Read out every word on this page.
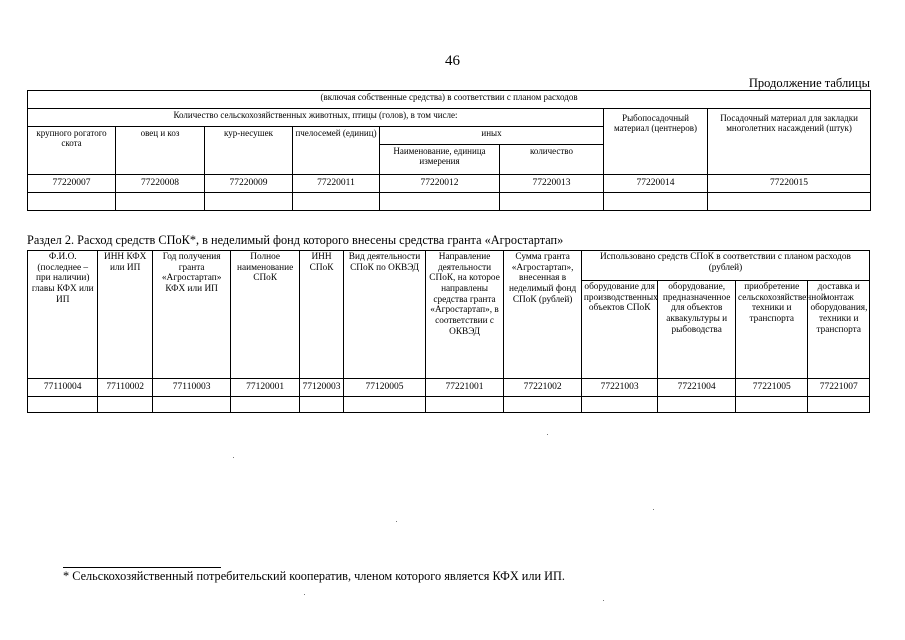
46
Продолжение таблицы
(включая собственные средства) в соответствии с планом расходов							
Количество сельскохозяйственных животных, птицы (голов), в том числе:						Рыбопосадочный материал (центнеров)	Посадочный материал для закладки многолетних насаждений (штук)
крупного рогатого скота	овец и коз	кур-несушек	пчелосемей (единиц)	иных			
				Наименование, единица измерения	количество		
77220007	77220008	77220009	77220011	77220012	77220013	77220014	77220015

Раздел 2. Расход средств СПоК*, в неделимый фонд которого внесены средства гранта «Агростартап»
Ф.И.О. (последнее – при наличии) главы КФХ или ИП	ИНН КФХ или ИП	Год получения гранта «Агростартап» КФХ или ИП	Полное наименование СПоК	ИНН СПоК	Вид деятельности СПоК по ОКВЭД	Направление деятельности СПоК, на которое направлены средства гранта «Агростартап», в соответствии с ОКВЭД	Сумма гранта «Агростартап», внесенная в неделимый фонд СПоК (рублей)	Использовано средств СПоК в соответствии с планом расходов (рублей)			
								оборудование для производственных объектов СПоК	оборудование, предназначенное для объектов аквакультуры и рыбоводства	приобретение сельскохозяйственной техники и транспорта	доставка и монтаж оборудования, техники и транспорта
77110004	77110002	77110003	77120001	77120003	77120005	77221001	77221002	77221003	77221004	77221005	77221007

* Сельскохозяйственный потребительский кооператив, членом которого является КФХ или ИП.
